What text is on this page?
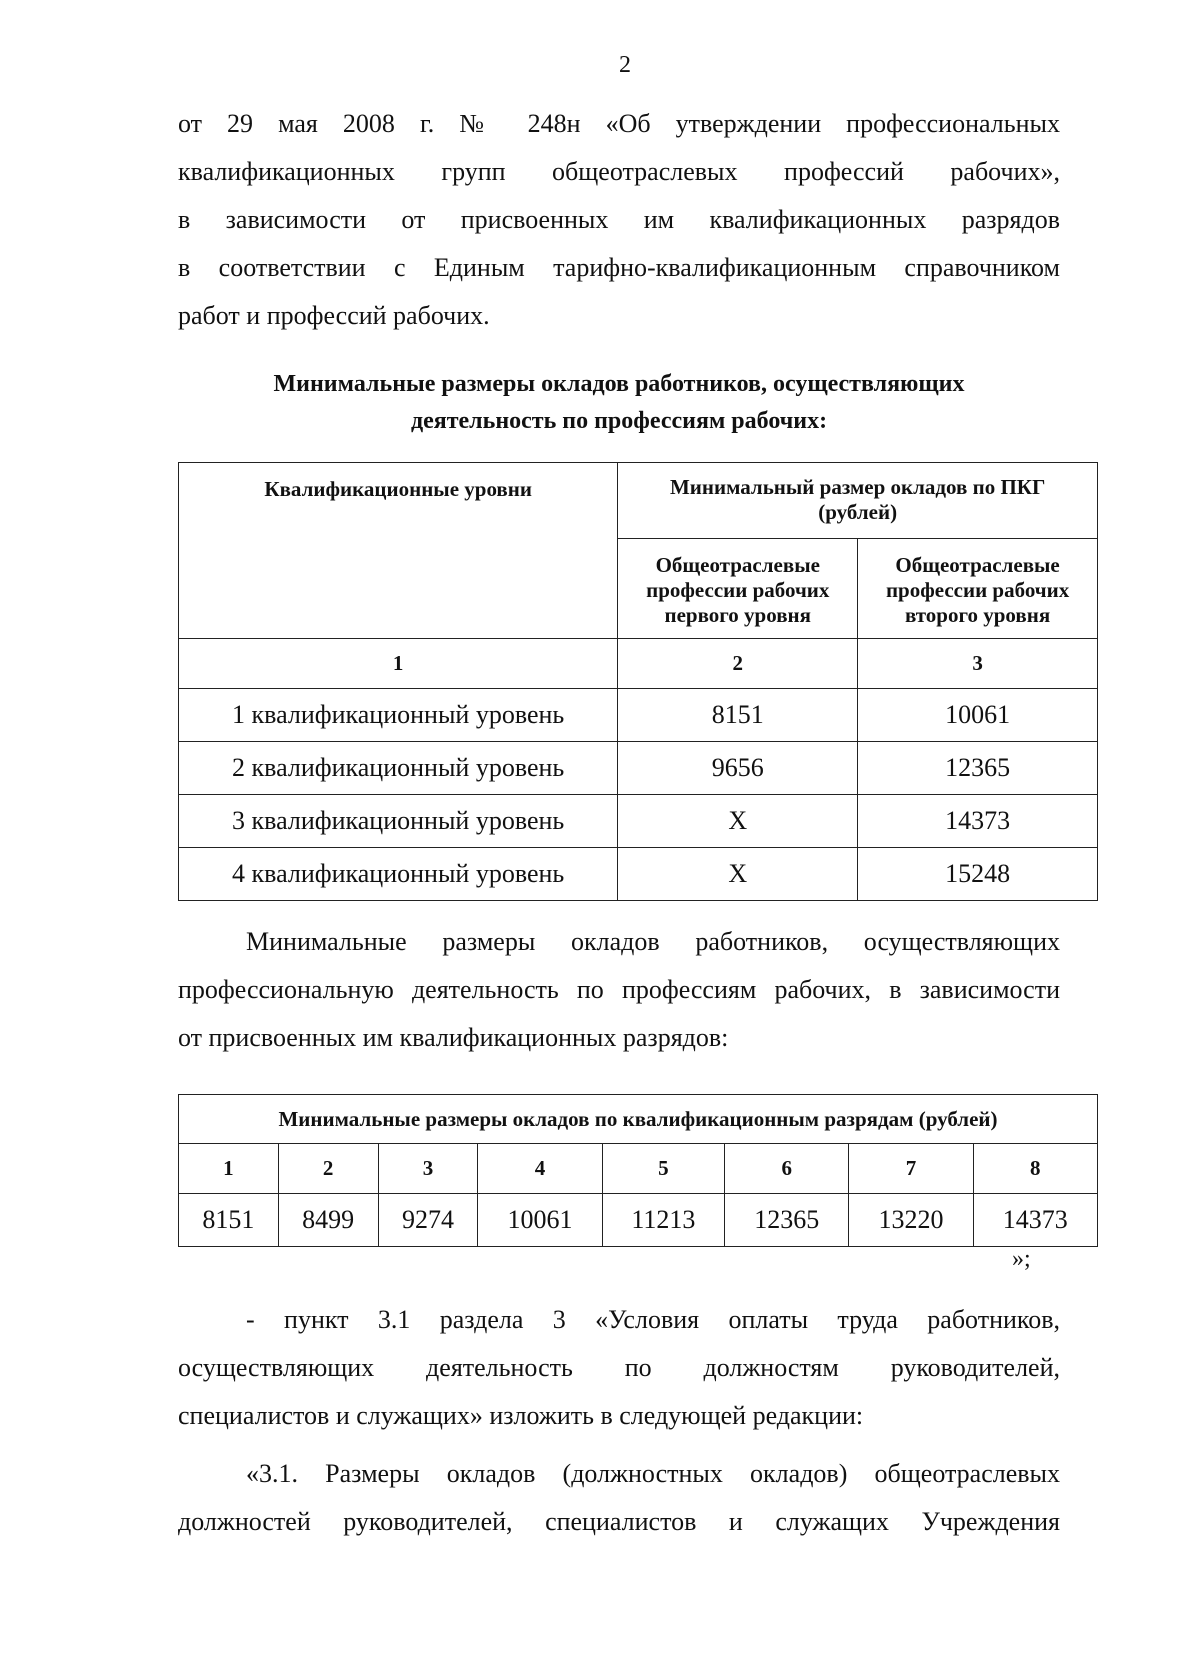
2
от 29 мая 2008 г. № 248н «Об утверждении профессиональных
квалификационных групп общеотраслевых профессий рабочих»,
в зависимости от присвоенных им квалификационных разрядов
в соответствии с Единым тарифно-квалификационным справочником
работ и профессий рабочих.
Минимальные размеры окладов работников, осуществляющих
деятельность по профессиям рабочих:
Квалификационные уровни	Минимальный размер окладов по ПКГ (рублей)	
	Общеотраслевые профессии рабочих первого уровня	Общеотраслевые профессии рабочих второго уровня
1	2	3
1 квалификационный уровень	8151	10061
2 квалификационный уровень	9656	12365
3 квалификационный уровень	Х	14373
4 квалификационный уровень	Х	15248
Минимальные размеры окладов работников, осуществляющих
профессиональную деятельность по профессиям рабочих, в зависимости
от присвоенных им квалификационных разрядов:
Минимальные размеры окладов по квалификационным разрядам (рублей)							
1	2	3	4	5	6	7	8
8151	8499	9274	10061	11213	12365	13220	14373
»;
- пункт 3.1 раздела 3 «Условия оплаты труда работников,
осуществляющих деятельность по должностям руководителей,
специалистов и служащих» изложить в следующей редакции:
«3.1. Размеры окладов (должностных окладов) общеотраслевых
должностей руководителей, специалистов и служащих Учреждения
